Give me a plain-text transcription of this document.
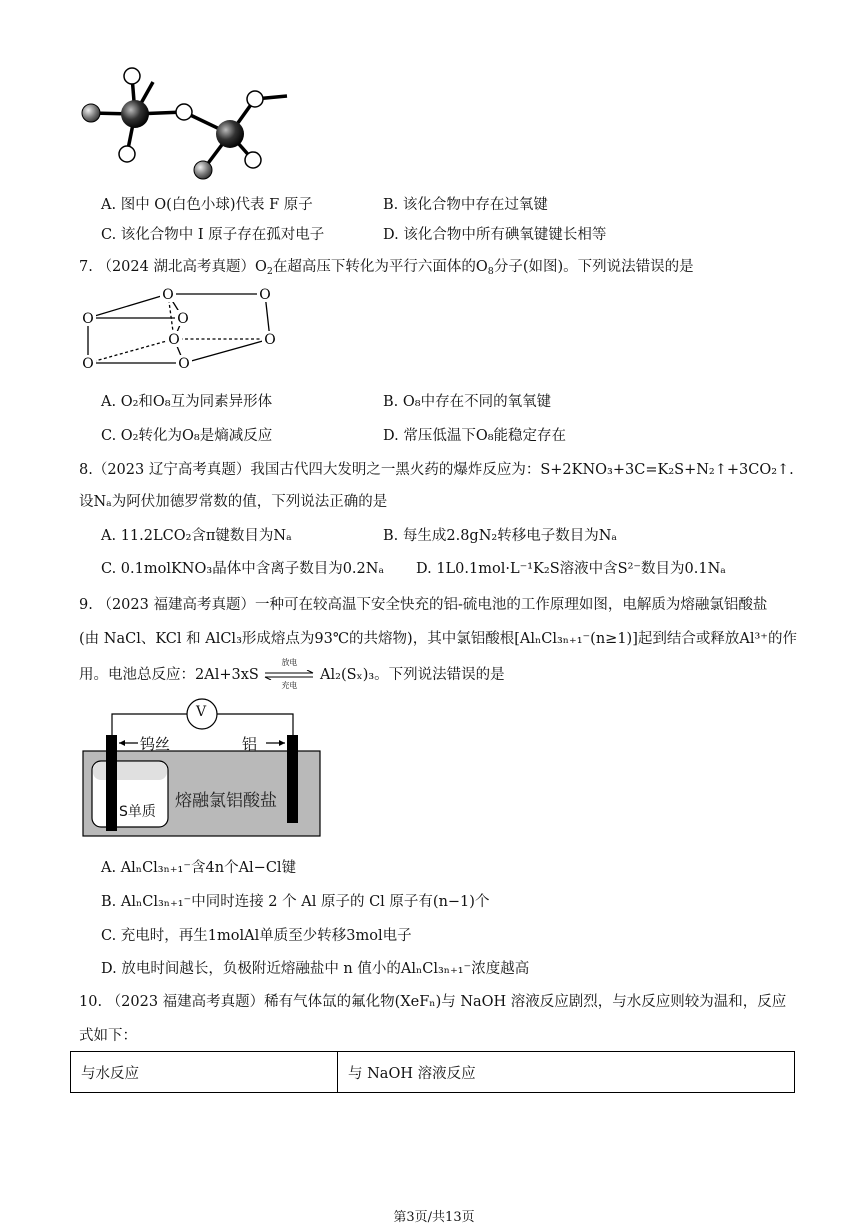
A. 图中 O(白色小球)代表 F 原子	B. 该化合物中存在过氧键
C. 该化合物中 I 原子存在孤对电子	D. 该化合物中所有碘氧键键长相等
7. （2024 湖北高考真题）$O_2$在超高压下转化为平行六面体的$O_8$分子(如图)。下列说法错误的是
O
O	O
O
O	O
O	O
A. O₂和O₈互为同素异形体	B. O₈中存在不同的氧氧键
C. O₂转化为O₈是熵减反应	D. 常压低温下O₈能稳定存在
8.（2023 辽宁高考真题）我国古代四大发明之一黑火药的爆炸反应为：S+2KNO₃+3C=K₂S+N₂↑+3CO₂↑.
设Nₐ为阿伏加德罗常数的值，下列说法正确的是
A. 11.2LCO₂含π键数目为Nₐ	B. 每生成2.8gN₂转移电子数目为Nₐ
C. 0.1molKNO₃晶体中含离子数目为0.2Nₐ D. 1L0.1mol·L⁻¹K₂S溶液中含S²⁻数目为0.1Nₐ
9. （2023 福建高考真题）一种可在较高温下安全快充的铝-硫电池的工作原理如图，电解质为熔融氯铝酸盐
(由 NaCl、KCl 和 AlCl₃形成熔点为93℃的共熔物)，其中氯铝酸根[AlₙCl₃ₙ₊₁⁻(n≥1)]起到结合或释放Al³⁺的作
用。电池总反应：2Al+3xS
放电
充电
Al₂(Sₓ)₃。下列说法错误的是
V
钨丝	铝
S单质
熔融氯铝酸盐
A. AlₙCl₃ₙ₊₁⁻含4n个Al−Cl键
B. AlₙCl₃ₙ₊₁⁻中同时连接 2 个 Al 原子的 Cl 原子有(n−1)个
C. 充电时，再生1molAl单质至少转移3mol电子
D. 放电时间越长，负极附近熔融盐中 n 值小的AlₙCl₃ₙ₊₁⁻浓度越高
10. （2023 福建高考真题）稀有气体氙的氟化物(XeFₙ)与 NaOH 溶液反应剧烈，与水反应则较为温和，反应
式如下：
与水反应	与 NaOH 溶液反应
第3页/共13页
